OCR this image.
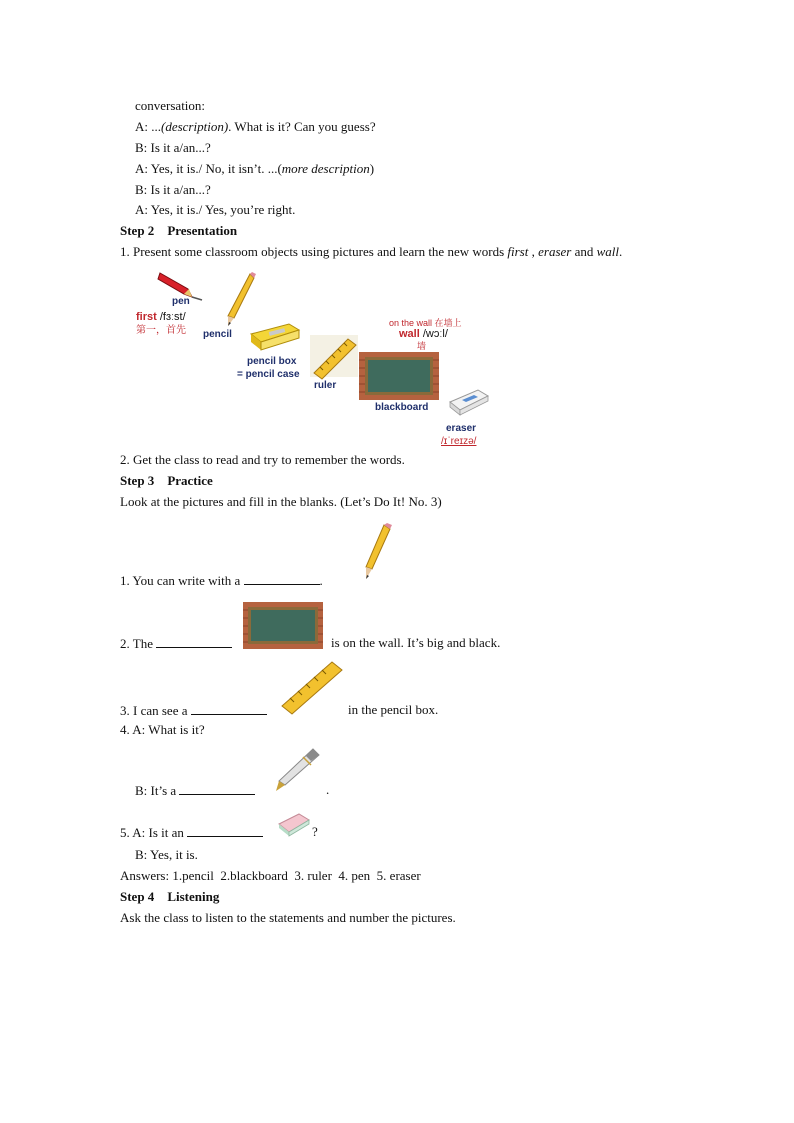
conversation:
A: ...(description). What is it? Can you guess?
B: Is it a/an...?
A: Yes, it is./ No, it isn’t. ...(more description)
B: Is it a/an...?
A: Yes, it is./ Yes, you’re right.
Step 2 Presentation
1. Present some classroom objects using pictures and learn the new words first , eraser and wall.
pen
first /fɜːst/
第一，首先 pencil
pencil box
= pencil case
ruler
on the wall 在墙上
wall /wɔːl/
墙
blackboard
eraser
/ɪˈreɪzə/
2. Get the class to read and try to remember the words.
Step 3 Practice
Look at the pictures and fill in the blanks. (Let’s Do It! No. 3)
1. You can write with a	.
2. The	is on the wall. It’s big and black.
3. I can see a	in the pencil box.
4. A: What is it?
B: It’s a	.
5. A: Is it an	?
B: Yes, it is.
Answers: 1.pencil  2.blackboard  3. ruler  4. pen  5. eraser
Step 4 Listening
Ask the class to listen to the statements and number the pictures.
